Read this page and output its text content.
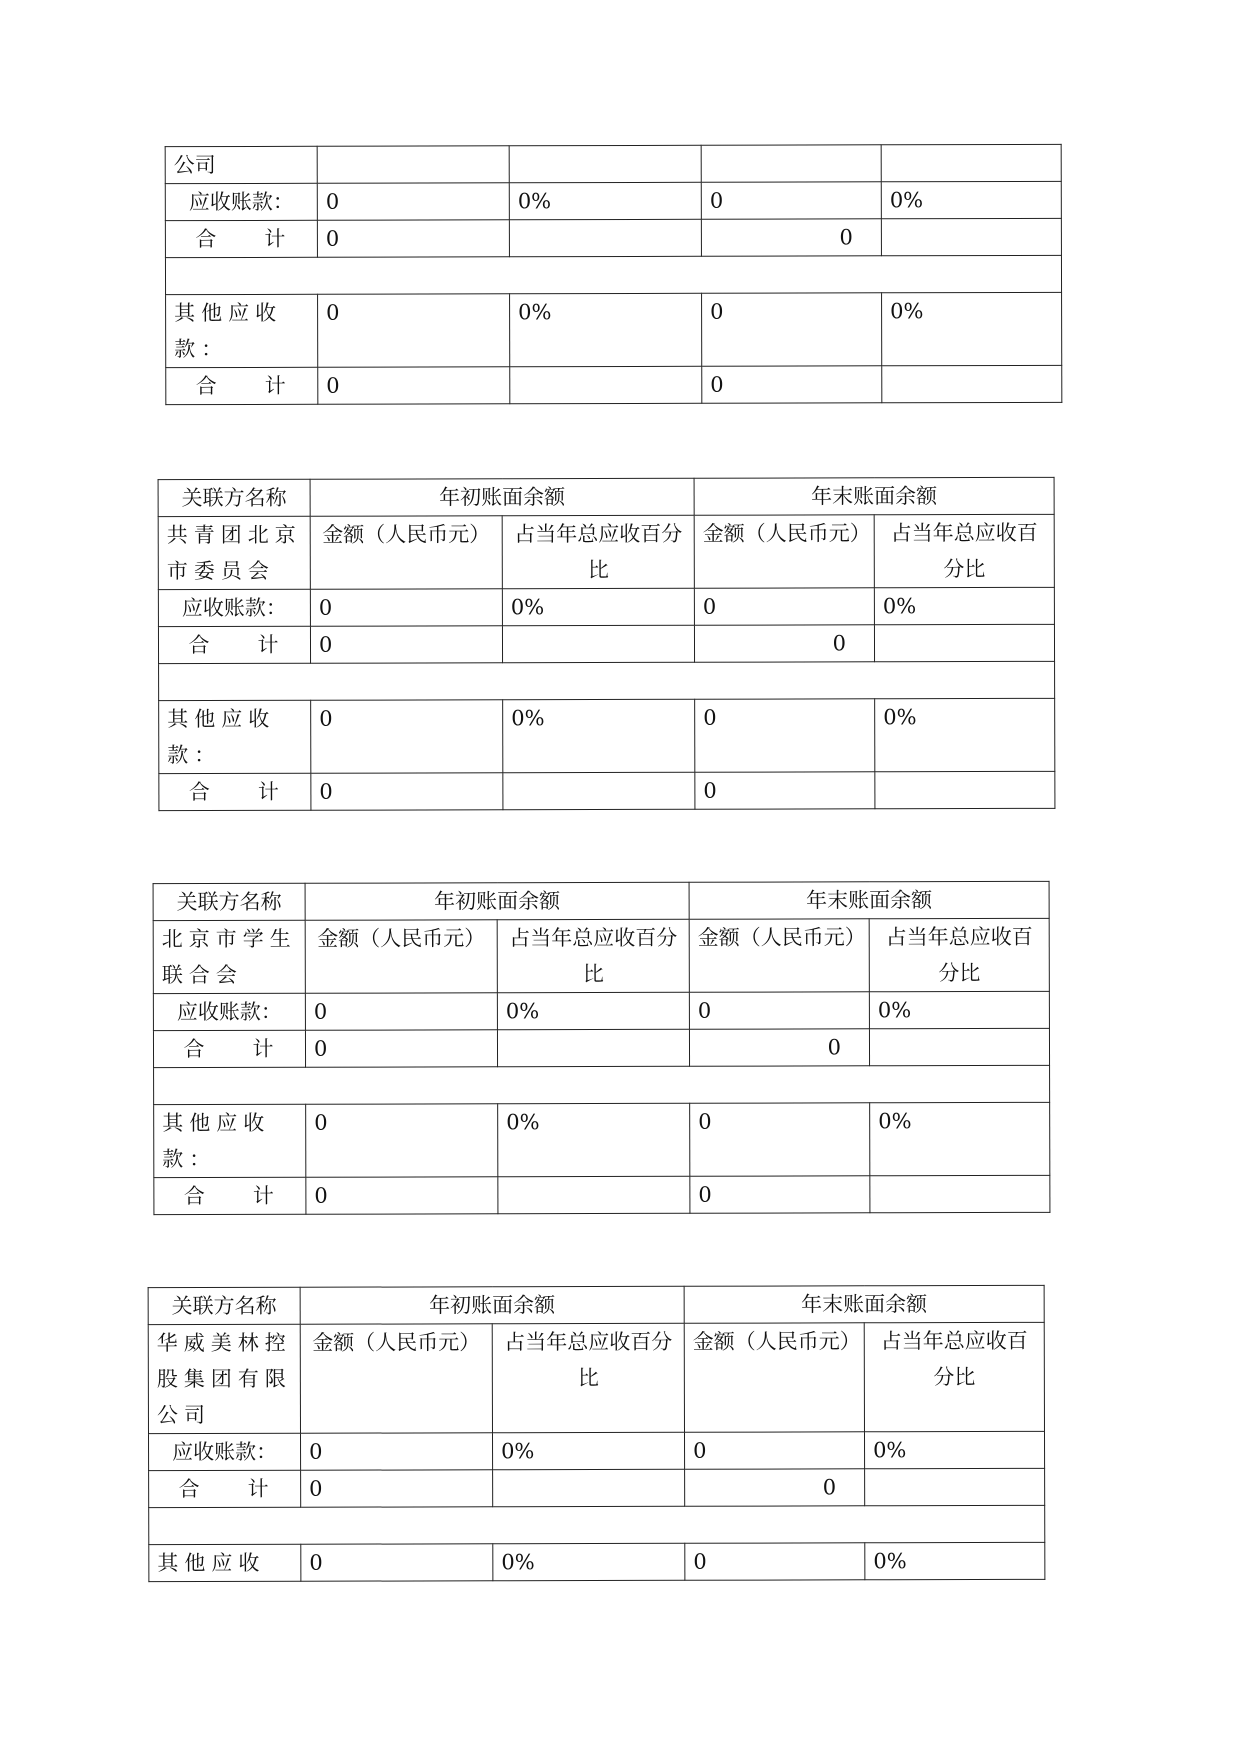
公司				
应收账款：	0	0%	0	0%
合　　计	0		0	

其他应收款：	0	0%	0	0%
合　　计	0		0	
关联方名称	年初账面余额		年末账面余额	
共青团北京市委员会	金额（人民币元）	占当年总应收百分比	金额（人民币元）	占当年总应收百分比
应收账款：	0	0%	0	0%
合　　计	0		0	

其他应收款：	0	0%	0	0%
合　　计	0		0	
关联方名称	年初账面余额		年末账面余额	
北京市学生联合会	金额（人民币元）	占当年总应收百分比	金额（人民币元）	占当年总应收百分比
应收账款：	0	0%	0	0%
合　　计	0		0	

其他应收款：	0	0%	0	0%
合　　计	0		0	
关联方名称	年初账面余额		年末账面余额	
华威美林控股集团有限公司	金额（人民币元）	占当年总应收百分比	金额（人民币元）	占当年总应收百分比
应收账款：	0	0%	0	0%
合　　计	0		0	

其他应收	0	0%	0	0%
